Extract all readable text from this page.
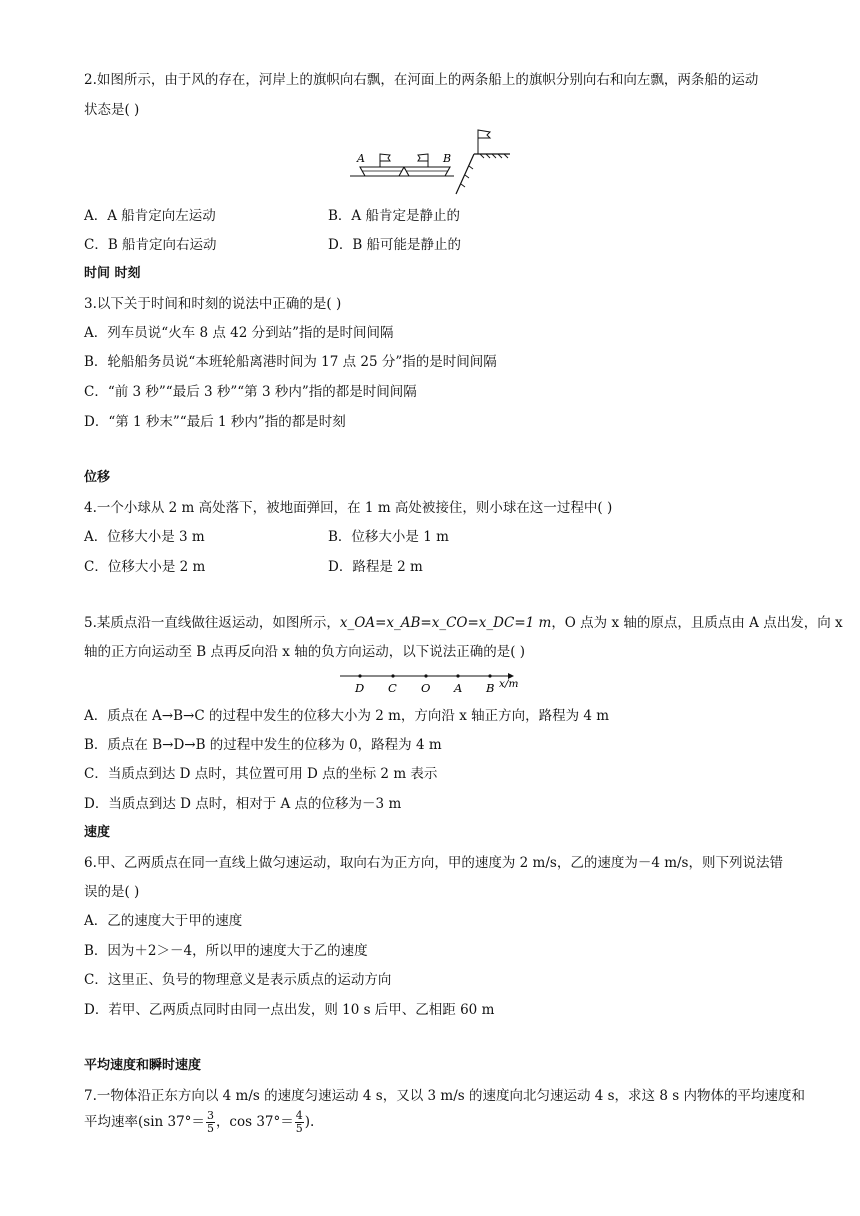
2.如图所示，由于风的存在，河岸上的旗帜向右飘，在河面上的两条船上的旗帜分别向右和向左飘，两条船的运动
状态是( )
A	B
A．A 船肯定向左运动	B．A 船肯定是静止的
C．B 船肯定向右运动	D．B 船可能是静止的
时间 时刻
3.以下关于时间和时刻的说法中正确的是( )
A．列车员说“火车 8 点 42 分到站”指的是时间间隔
B．轮船船务员说“本班轮船离港时间为 17 点 25 分”指的是时间间隔
C．“前 3 秒”“最后 3 秒”“第 3 秒内”指的都是时间间隔
D．“第 1 秒末”“最后 1 秒内”指的都是时刻
位移
4.一个小球从 2 m 高处落下，被地面弹回，在 1 m 高处被接住，则小球在这一过程中( )
A．位移大小是 3 m	B．位移大小是 1 m
C．位移大小是 2 m	D．路程是 2 m
5.某质点沿一直线做往返运动，如图所示，x_OA=x_AB=x_CO=x_DC=1 m，O 点为 x 轴的原点，且质点由 A 点出发，向 x
轴的正方向运动至 B 点再反向沿 x 轴的负方向运动，以下说法正确的是( )
D C O A B x/m
A．质点在 A→B→C 的过程中发生的位移大小为 2 m，方向沿 x 轴正方向，路程为 4 m
B．质点在 B→D→B 的过程中发生的位移为 0，路程为 4 m
C．当质点到达 D 点时，其位置可用 D 点的坐标 2 m 表示
D．当质点到达 D 点时，相对于 A 点的位移为－3 m
速度
6.甲、乙两质点在同一直线上做匀速运动，取向右为正方向，甲的速度为 2 m/s，乙的速度为－4 m/s，则下列说法错
误的是( )
A．乙的速度大于甲的速度
B．因为＋2＞－4，所以甲的速度大于乙的速度
C．这里正、负号的物理意义是表示质点的运动方向
D．若甲、乙两质点同时由同一点出发，则 10 s 后甲、乙相距 60 m
平均速度和瞬时速度
7.一物体沿正东方向以 4 m/s 的速度匀速运动 4 s，又以 3 m/s 的速度向北匀速运动 4 s，求这 8 s 内物体的平均速度和
平均速率(sin $37^\circ= \frac{3}{5}$ ，$\cos 37^\circ= \frac{4}{5}$ ).
